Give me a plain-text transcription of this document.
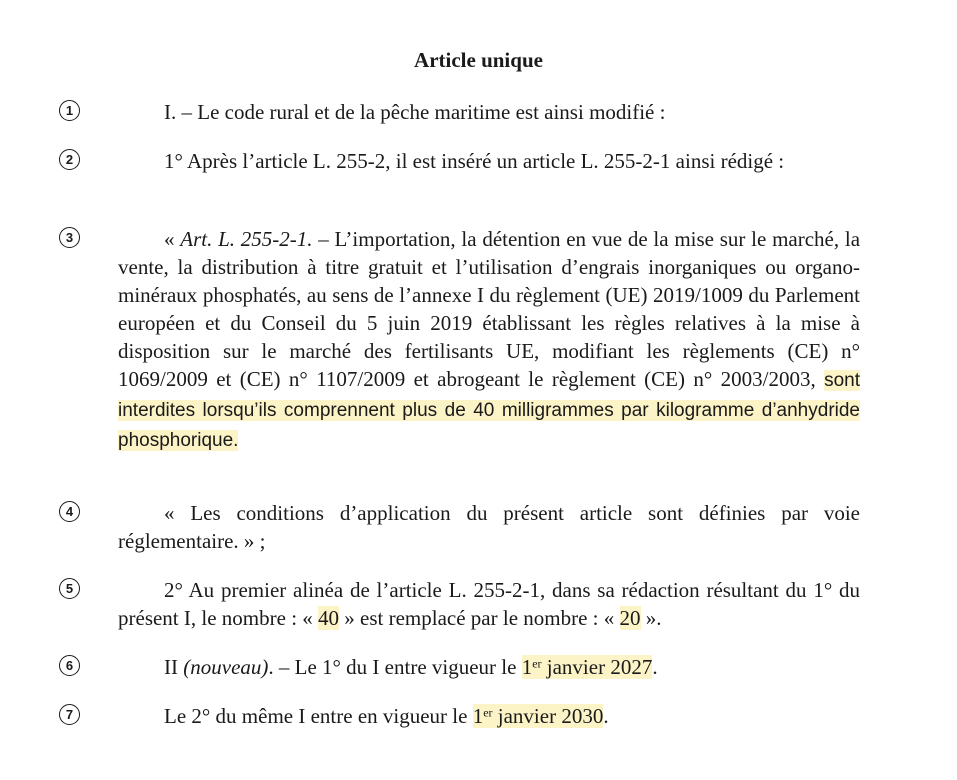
Article unique
1	I. – Le code rural et de la pêche maritime est ainsi modifié :

2	1° Après l’article L. 255-2, il est inséré un article L. 255-2-1 ainsi rédigé :

3	« Art. L. 255-2-1. – L’importation, la détention en vue de la mise sur le marché, la vente, la distribution à titre gratuit et l’utilisation d’engrais inorganiques ou organo-minéraux phosphatés, au sens de l’annexe I du règlement (UE) 2019/1009 du Parlement européen et du Conseil du 5 juin 2019 établissant les règles relatives à la mise à disposition sur le marché des fertilisants UE, modifiant les règlements (CE) n° 1069/2009 et (CE) n° 1107/2009 et abrogeant le règlement (CE) n° 2003/2003, sont interdites lorsqu’ils comprennent plus de 40 milligrammes par kilogramme d’anhydride phosphorique.

4	« Les conditions d’application du présent article sont définies par voie réglementaire. » ;

5	2° Au premier alinéa de l’article L. 255-2-1, dans sa rédaction résultant du 1° du présent I, le nombre : « 40 » est remplacé par le nombre : « 20 ».

6	II (nouveau). – Le 1° du I entre vigueur le 1er janvier 2027.

7	Le 2° du même I entre en vigueur le 1er janvier 2030.
